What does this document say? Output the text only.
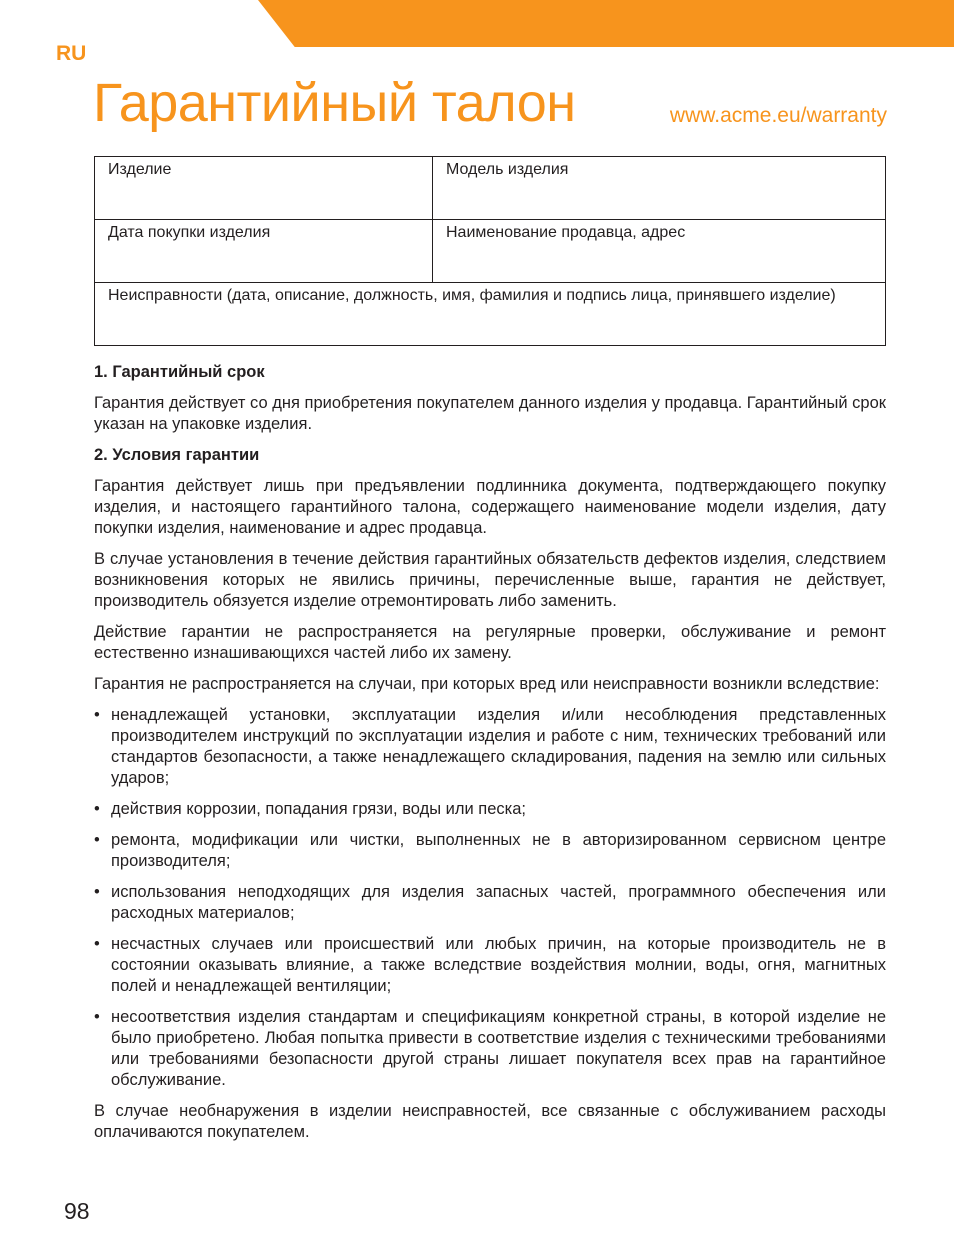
RU
Гарантийный талон	www.acme.eu/warranty
Изделие	Модель изделия
Дата покупки изделия	Наименование продавца, адрес
Неисправности (дата, описание, должность, имя, фамилия и подпись лица, принявшего изделие)	
1. Гарантийный срок

Гарантия действует со дня приобретения покупателем данного изделия у продавца. Гарантийный срок указан на упаковке изделия.

2. Условия гарантии

Гарантия действует лишь при предъявлении подлинника документа, подтверждающего покупку изделия, и настоящего гарантийного талона, содержащего наименование модели изделия, дату покупки изделия, наименование и адрес продавца.

В случае установления в течение действия гарантийных обязательств дефектов изделия, следствием возникновения которых не явились причины, перечисленные выше, гарантия не действует, производитель обязуется изделие отремонтировать либо заменить.

Действие гарантии не распространяется на регулярные проверки, обслуживание и ремонт естественно изнашивающихся частей либо их замену.

Гарантия не распространяется на случаи, при которых вред или неисправности возникли вследствие:

• ненадлежащей установки, эксплуатации изделия и/или несоблюдения представленных производителем инструкций по эксплуатации изделия и работе с ним, технических требований или стандартов безопасности, а также ненадлежащего складирования, падения на землю или сильных ударов;
• действия коррозии, попадания грязи, воды или песка;
• ремонта, модификации или чистки, выполненных не в авторизированном сервисном центре производителя;
• использования неподходящих для изделия запасных частей, программного обеспечения или расходных материалов;
• несчастных случаев или происшествий или любых причин, на которые производитель не в состоянии оказывать влияние, а также вследствие воздействия молнии, воды, огня, магнитных полей и ненадлежащей вентиляции;
• несоответствия изделия стандартам и спецификациям конкретной страны, в которой изделие не было приобретено. Любая попытка привести в соответствие изделия с техническими требованиями или требованиями безопасности другой страны лишает покупателя всех прав на гарантийное обслуживание.

В случае необнаружения в изделии неисправностей, все связанные с обслуживанием расходы оплачиваются покупателем.

98
